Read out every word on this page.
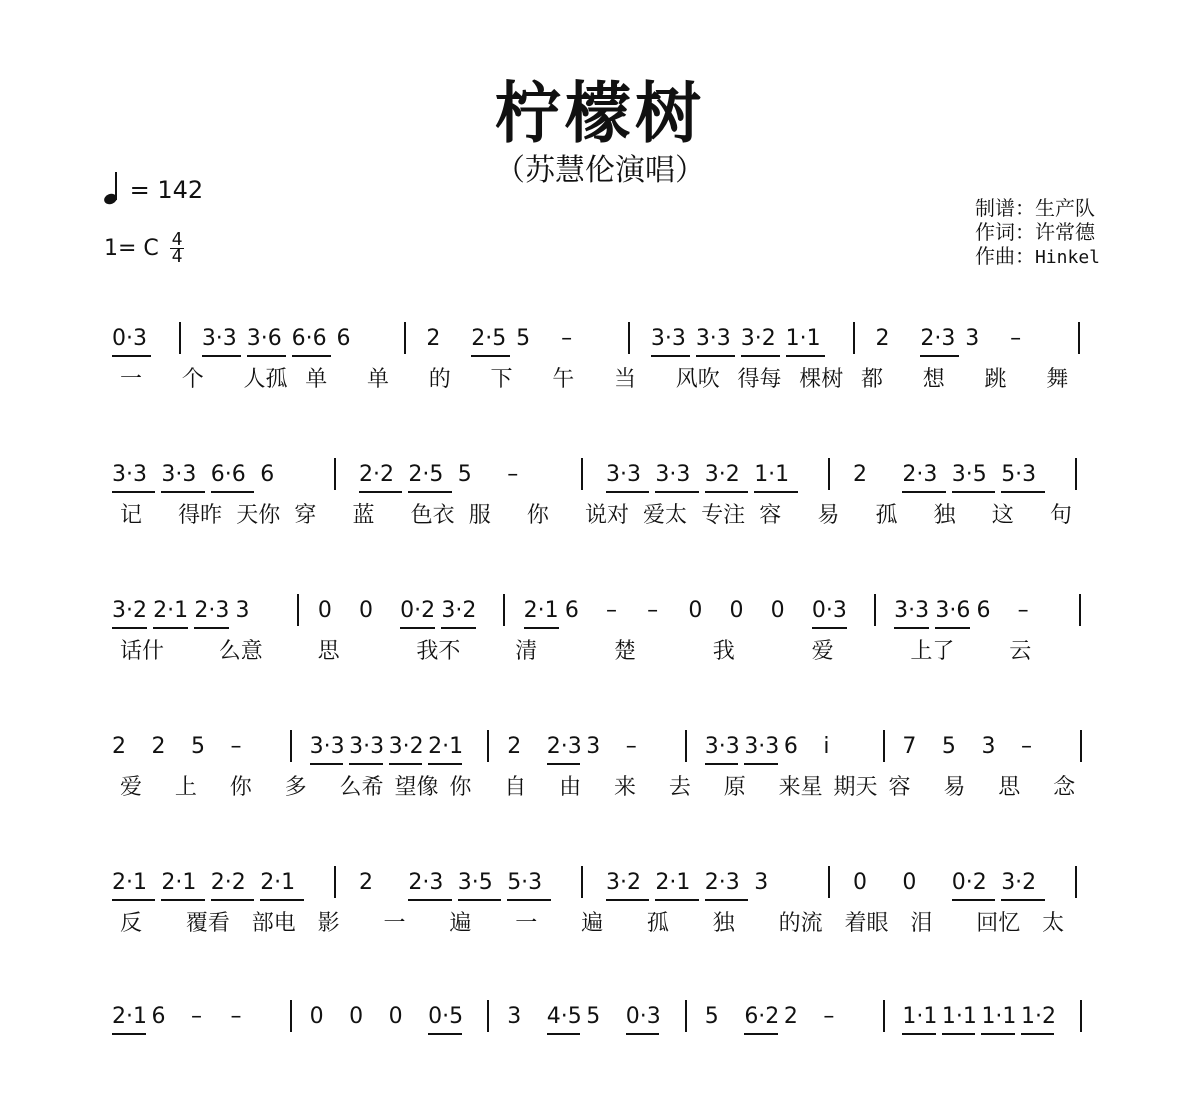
柠檬树
（苏慧伦演唱）
= 142
1= C 4
4
制谱：生产队
作词：许常德
作曲：Hinkel
0·3 3·3 3·6 6·6 6	2 2·5 5 –	3·3 3·3 3·2 1·1 2 2·3 3 –
一 个 人孤 单 单 的 下 午 当 风吹 得每 棵树 都 想 跳 舞
3·3 3·3 6·6 6	2·2 2·5 5 –	3·3 3·3 3·2 1·1	2 2·3 3·5 5·3
记 得昨 天你 穿 蓝 色衣 服 你 说对 爱太 专注 容 易 孤 独 这 句
3·2 2·1 2·3 3	0 0 0·2 3·2 2·1 6 – – 0 0 0 0·3 3·3 3·6 6 –
话什 么意 思	我不 清	楚	我	爱	上了 云
2 2 5 –	3·3 3·3 3·2 2·1 2 2·3 3 –	3·3 3·3 6 i	7 5 3 –
爱 上 你 多 么希 望像 你 自 由 来 去 原 来星 期天 容 易 思 念
2·1 2·1 2·2 2·1	2 2·3 3·5 5·3	3·2 2·1 2·3 3	0 0 0·2 3·2
反 覆看 部电 影 一 遍 一 遍 孤 独 的流 着眼 泪 回忆 太
2·1 6 – –	0 0 0 0·5 3 4·5 5 0·3 5 6·2 2 –	1·1 1·1 1·1 1·2
